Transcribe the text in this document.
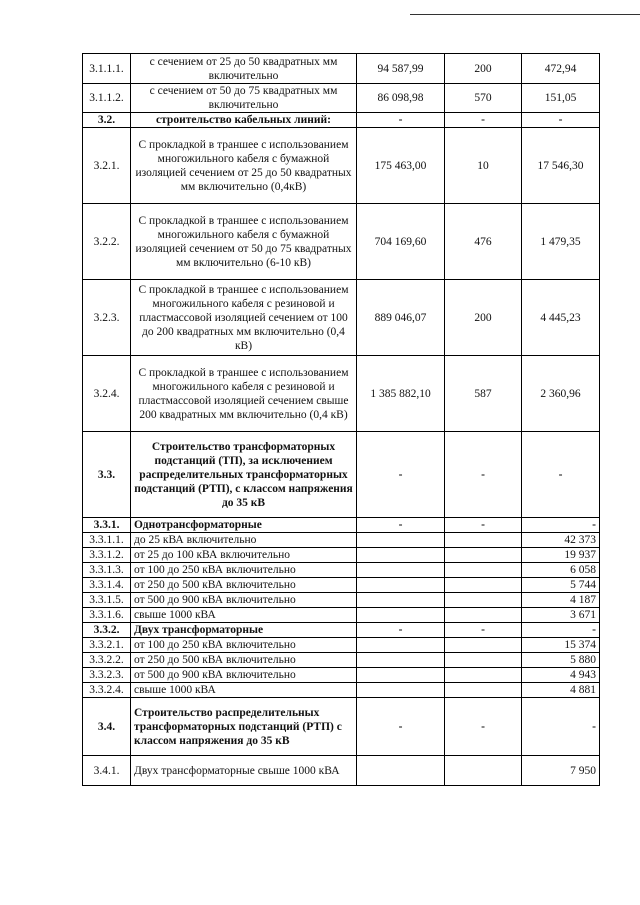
3.1.1.1.	с сечением от 25 до 50 квадратных мм включительно	94 587,99	200	472,94
3.1.1.2.	с сечением от 50 до 75 квадратных мм включительно	86 098,98	570	151,05
3.2.	строительство кабельных линий:	-	-	-
3.2.1.	С прокладкой в траншее с использованием многожильного кабеля с бумажной изоляцией сечением от 25 до 50 квадратных мм включительно (0,4кВ)	175 463,00	10	17 546,30
3.2.2.	С прокладкой в траншее с использованием многожильного кабеля с бумажной изоляцией сечением от 50 до 75 квадратных мм включительно (6-10 кВ)	704 169,60	476	1 479,35
3.2.3.	С прокладкой в траншее с использованием многожильного кабеля с резиновой и пластмассовой изоляцией сечением от 100 до 200 квадратных мм включительно (0,4 кВ)	889 046,07	200	4 445,23
3.2.4.	С прокладкой в траншее с использованием многожильного кабеля с резиновой и пластмассовой изоляцией сечением свыше 200 квадратных мм включительно (0,4 кВ)	1 385 882,10	587	2 360,96
3.3.	Строительство трансформаторных подстанций (ТП), за исключением распределительных трансформаторных подстанций (РТП), с классом напряжения до 35 кВ	-	-	-
3.3.1.	Однотрансформаторные	-	-	-
3.3.1.1.	до 25 кВА включительно			42 373
3.3.1.2.	от 25 до 100 кВА включительно			19 937
3.3.1.3.	от 100 до 250 кВА включительно			6 058
3.3.1.4.	от 250 до 500 кВА включительно			5 744
3.3.1.5.	от 500 до 900 кВА включительно			4 187
3.3.1.6.	свыше 1000 кВА			3 671
3.3.2.	Двух трансформаторные	-	-	-
3.3.2.1.	от 100 до 250 кВА включительно			15 374
3.3.2.2.	от 250 до 500 кВА включительно			5 880
3.3.2.3.	от 500 до 900 кВА включительно			4 943
3.3.2.4.	свыше 1000 кВА			4 881
3.4.	Строительство распределительных трансформаторных подстанций (РТП) с классом напряжения до 35 кВ	-	-	-
3.4.1.	Двух трансформаторные свыше 1000 кВА			7 950
